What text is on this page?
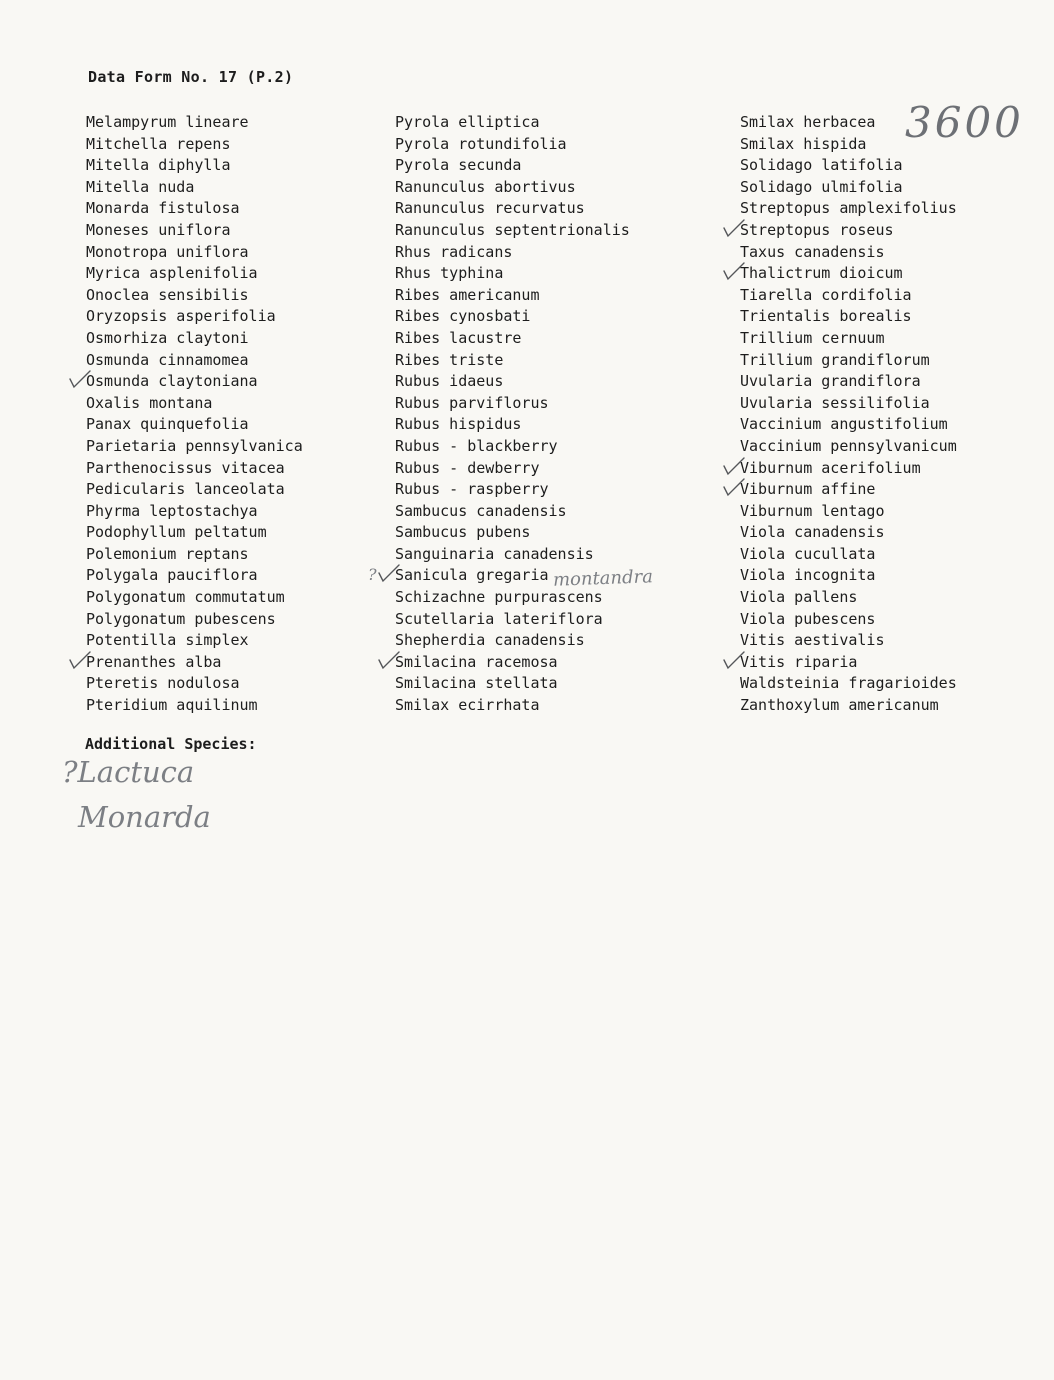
Data Form No. 17 (P.2)
Melampyrum lineare
Mitchella repens
Mitella diphylla
Mitella nuda
Monarda fistulosa
Moneses uniflora
Monotropa uniflora
Myrica asplenifolia
Onoclea sensibilis
Oryzopsis asperifolia
Osmorhiza claytoni
Osmunda cinnamomea
Osmunda claytoniana
Oxalis montana
Panax quinquefolia
Parietaria pennsylvanica
Parthenocissus vitacea
Pedicularis lanceolata
Phyrma leptostachya
Podophyllum peltatum
Polemonium reptans
Polygala pauciflora
Polygonatum commutatum
Polygonatum pubescens
Potentilla simplex
Prenanthes alba
Pteretis nodulosa
Pteridium aquilinum
Pyrola elliptica
Pyrola rotundifolia
Pyrola secunda
Ranunculus abortivus
Ranunculus recurvatus
Ranunculus septentrionalis
Rhus radicans
Rhus typhina
Ribes americanum
Ribes cynosbati
Ribes lacustre
Ribes triste
Rubus idaeus
Rubus parviflorus
Rubus hispidus
Rubus - blackberry
Rubus - dewberry
Rubus - raspberry
Sambucus canadensis
Sambucus pubens
Sanguinaria canadensis
Sanicula gregaria
Schizachne purpurascens
Scutellaria lateriflora
Shepherdia canadensis
Smilacina racemosa
Smilacina stellata
Smilax ecirrhata
Smilax herbacea
Smilax hispida
Solidago latifolia
Solidago ulmifolia
Streptopus amplexifolius
Streptopus roseus
Taxus canadensis
Thalictrum dioicum
Tiarella cordifolia
Trientalis borealis
Trillium cernuum
Trillium grandiflorum
Uvularia grandiflora
Uvularia sessilifolia
Vaccinium angustifolium
Vaccinium pennsylvanicum
Viburnum acerifolium
Viburnum affine
Viburnum lentago
Viola canadensis
Viola cucullata
Viola incognita
Viola pallens
Viola pubescens
Vitis aestivalis
Vitis riparia
Waldsteinia fragarioides
Zanthoxylum americanum
Additional Species:
3600
?	montandra
?Lactuca
Monarda
